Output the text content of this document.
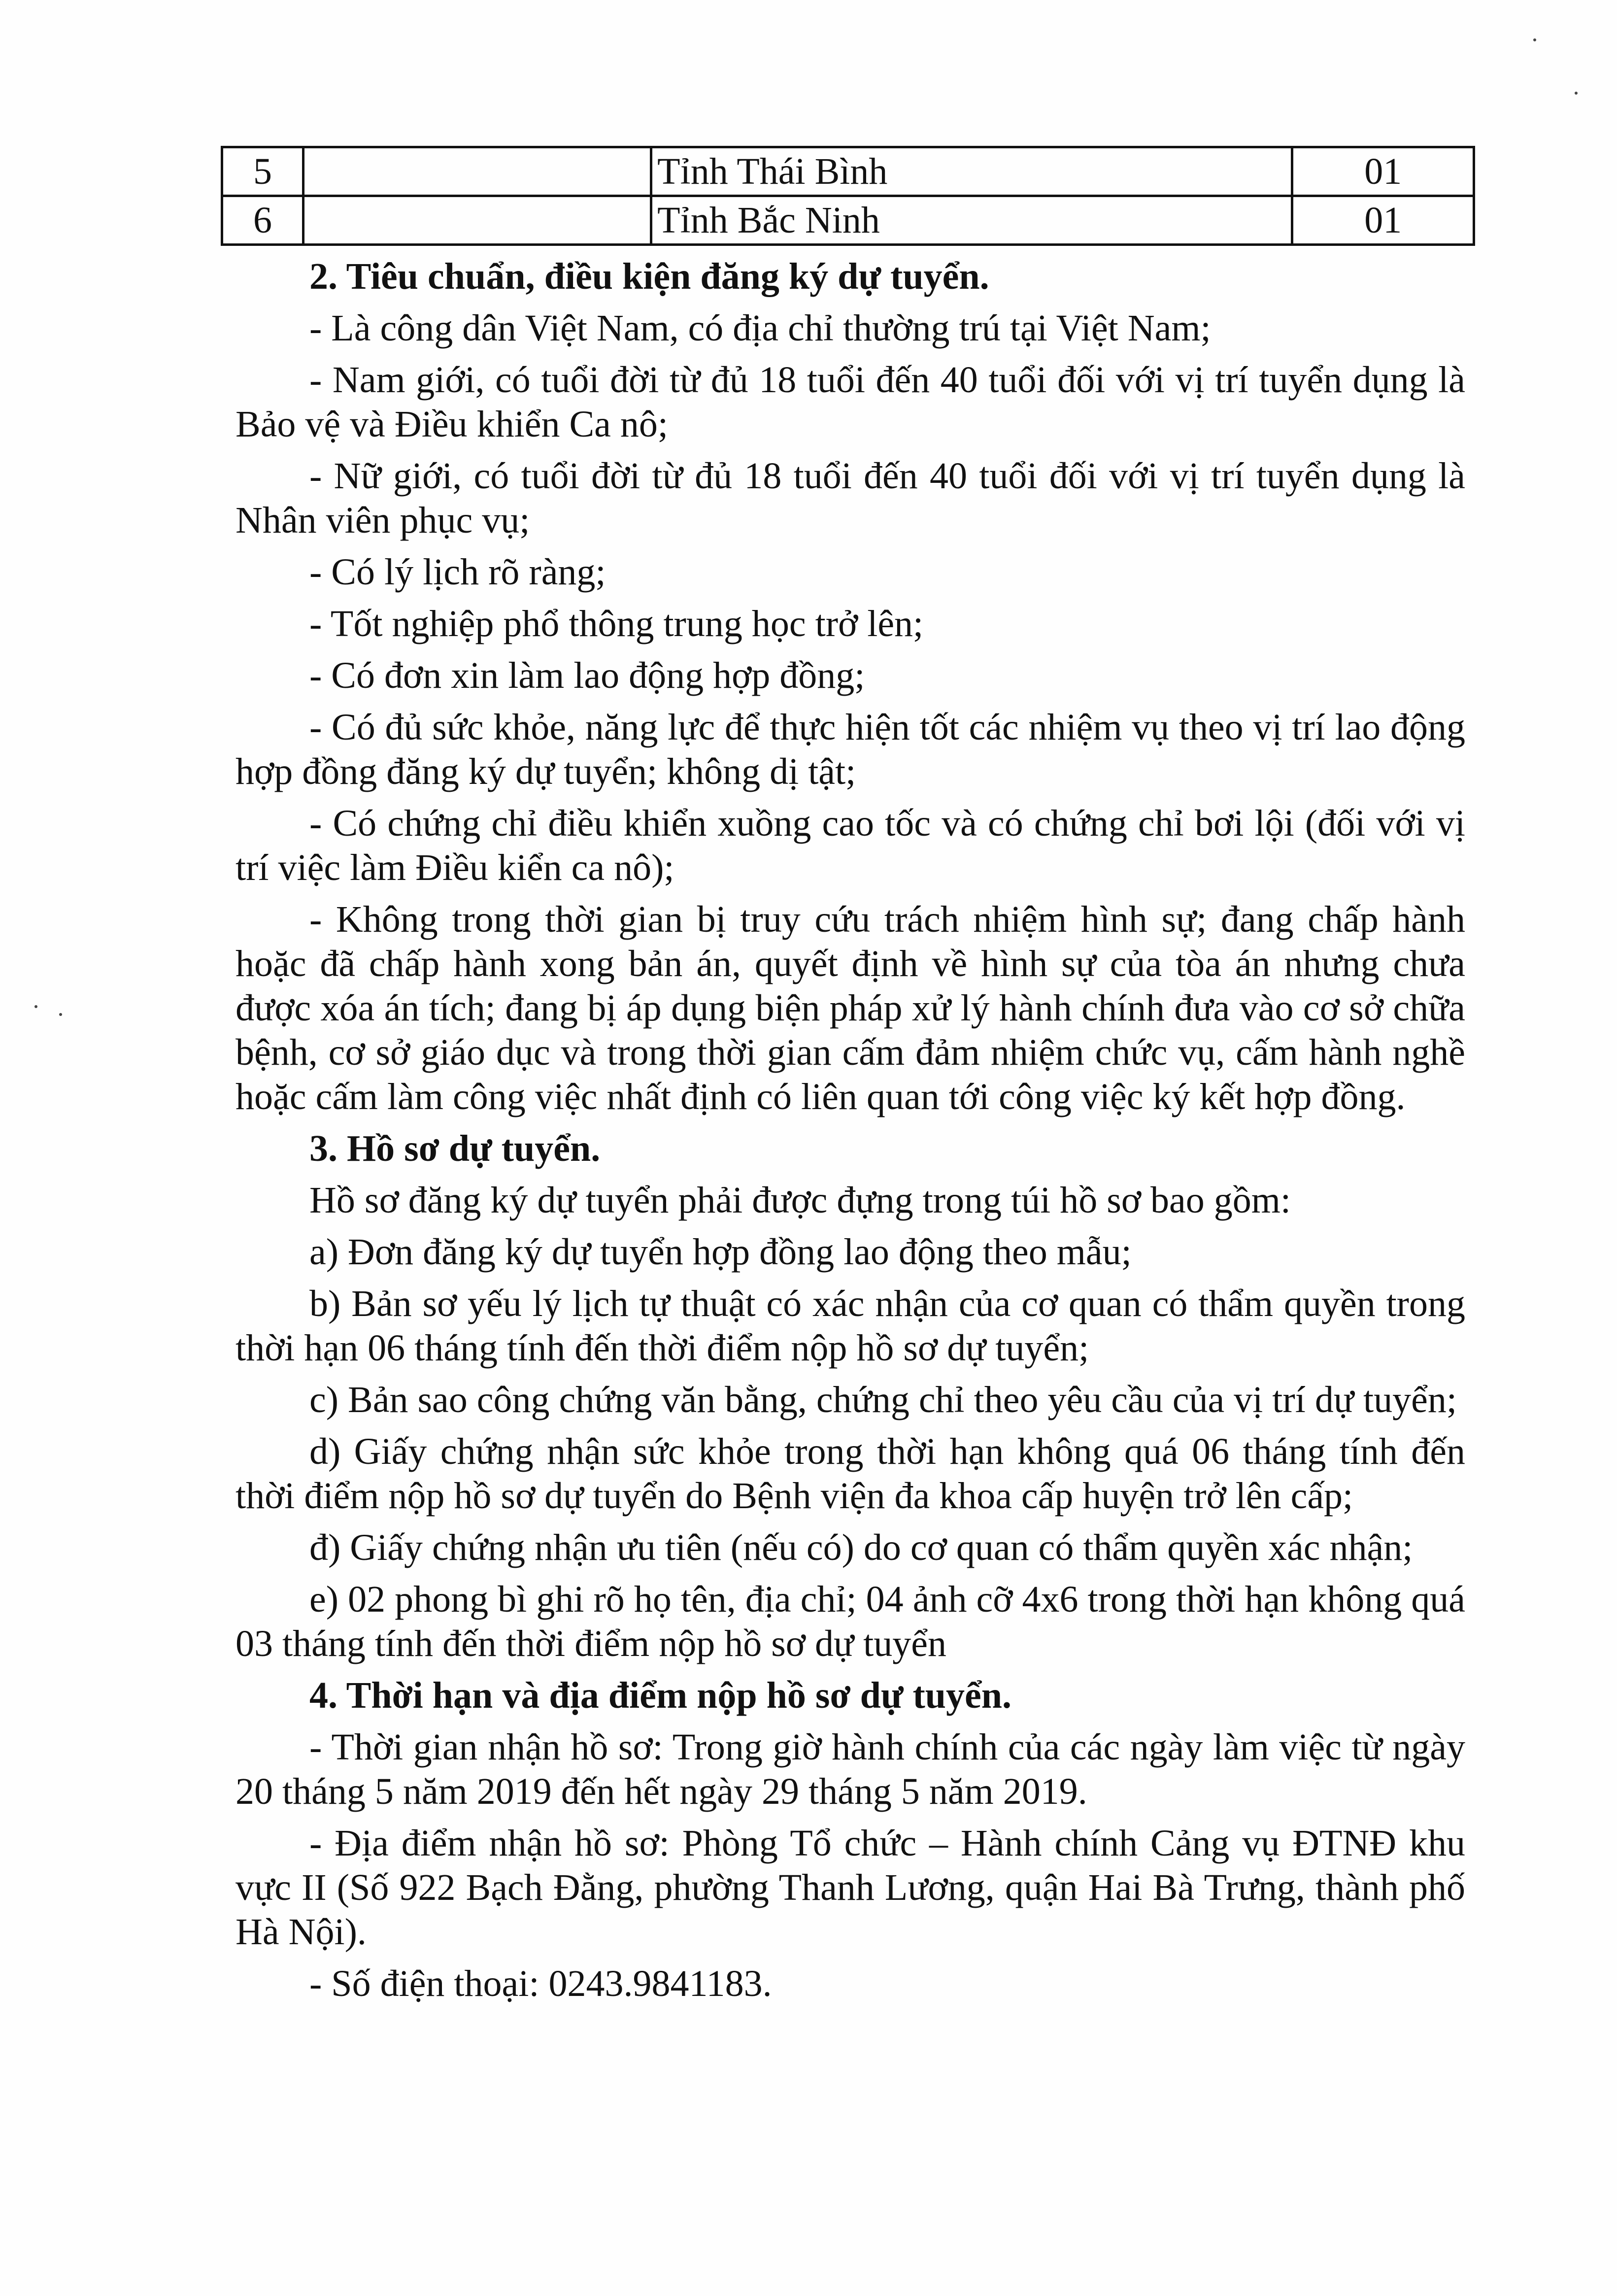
5		Tỉnh Thái Bình	01
6		Tỉnh Bắc Ninh	01

2. Tiêu chuẩn, điều kiện đăng ký dự tuyển.

- Là công dân Việt Nam, có địa chỉ thường trú tại Việt Nam;

- Nam giới, có tuổi đời từ đủ 18 tuổi đến 40 tuổi đối với vị trí tuyển dụng là Bảo vệ và Điều khiển Ca nô;

- Nữ giới, có tuổi đời từ đủ 18 tuổi đến 40 tuổi đối với vị trí tuyển dụng là Nhân viên phục vụ;

- Có lý lịch rõ ràng;

- Tốt nghiệp phổ thông trung học trở lên;

- Có đơn xin làm lao động hợp đồng;

- Có đủ sức khỏe, năng lực để thực hiện tốt các nhiệm vụ theo vị trí lao động hợp đồng đăng ký dự tuyển; không dị tật;

- Có chứng chỉ điều khiển xuồng cao tốc và có chứng chỉ bơi lội (đối với vị trí việc làm Điều kiển ca nô);

- Không trong thời gian bị truy cứu trách nhiệm hình sự; đang chấp hành hoặc đã chấp hành xong bản án, quyết định về hình sự của tòa án nhưng chưa được xóa án tích; đang bị áp dụng biện pháp xử lý hành chính đưa vào cơ sở chữa bệnh, cơ sở giáo dục và trong thời gian cấm đảm nhiệm chức vụ, cấm hành nghề hoặc cấm làm công việc nhất định có liên quan tới công việc ký kết hợp đồng.

3. Hồ sơ dự tuyển.

Hồ sơ đăng ký dự tuyển phải được đựng trong túi hồ sơ bao gồm:

a) Đơn đăng ký dự tuyển hợp đồng lao động theo mẫu;

b) Bản sơ yếu lý lịch tự thuật có xác nhận của cơ quan có thẩm quyền trong thời hạn 06 tháng tính đến thời điểm nộp hồ sơ dự tuyển;

c) Bản sao công chứng văn bằng, chứng chỉ theo yêu cầu của vị trí dự tuyển;

d) Giấy chứng nhận sức khỏe trong thời hạn không quá 06 tháng tính đến thời điểm nộp hồ sơ dự tuyển do Bệnh viện đa khoa cấp huyện trở lên cấp;

đ) Giấy chứng nhận ưu tiên (nếu có) do cơ quan có thẩm quyền xác nhận;

e) 02 phong bì ghi rõ họ tên, địa chỉ; 04 ảnh cỡ 4x6 trong thời hạn không quá 03 tháng tính đến thời điểm nộp hồ sơ dự tuyển

4. Thời hạn và địa điểm nộp hồ sơ dự tuyển.

- Thời gian nhận hồ sơ: Trong giờ hành chính của các ngày làm việc từ ngày 20 tháng 5 năm 2019 đến hết ngày 29 tháng 5 năm 2019.

- Địa điểm nhận hồ sơ: Phòng Tổ chức – Hành chính Cảng vụ ĐTNĐ khu vực II (Số 922 Bạch Đằng, phường Thanh Lương, quận Hai Bà Trưng, thành phố Hà Nội).

- Số điện thoại: 0243.9841183.
